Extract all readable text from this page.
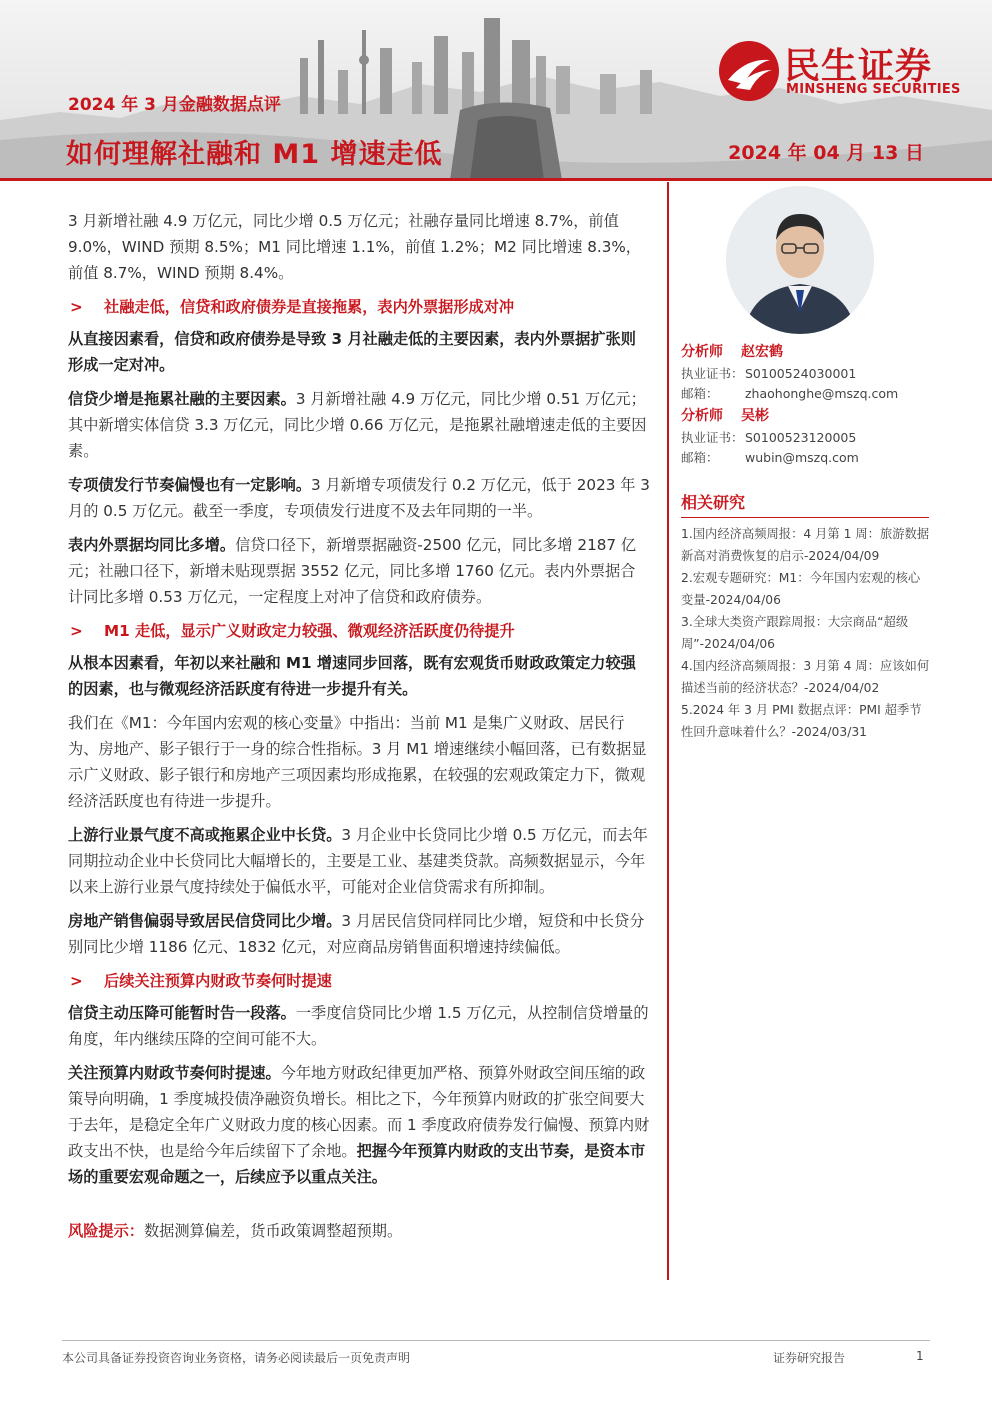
民生证券
MINSHENG SECURITIES
2024 年 3 月金融数据点评
如何理解社融和 M1 增速走低	2024 年 04 月 13 日

3 月新增社融 4.9 万亿元，同比少增 0.5 万亿元；社融存量同比增速 8.7%，前值 9.0%，WIND 预期 8.5%；M1 同比增速 1.1%，前值 1.2%；M2 同比增速 8.3%，前值 8.7%，WIND 预期 8.4%。

> 社融走低，信贷和政府债券是直接拖累，表内外票据形成对冲

从直接因素看，信贷和政府债券是导致 3 月社融走低的主要因素，表内外票据扩张则形成一定对冲。

信贷少增是拖累社融的主要因素。3 月新增社融 4.9 万亿元，同比少增 0.51 万亿元；其中新增实体信贷 3.3 万亿元，同比少增 0.66 万亿元，是拖累社融增速走低的主要因素。

专项债发行节奏偏慢也有一定影响。3 月新增专项债发行 0.2 万亿元，低于 2023 年 3 月的 0.5 万亿元。截至一季度，专项债发行进度不及去年同期的一半。

表内外票据均同比多增。信贷口径下，新增票据融资-2500 亿元，同比多增 2187 亿元；社融口径下，新增未贴现票据 3552 亿元，同比多增 1760 亿元。表内外票据合计同比多增 0.53 万亿元，一定程度上对冲了信贷和政府债券。

> M1 走低，显示广义财政定力较强、微观经济活跃度仍待提升

从根本因素看，年初以来社融和 M1 增速同步回落，既有宏观货币财政政策定力较强的因素，也与微观经济活跃度有待进一步提升有关。

我们在《M1：今年国内宏观的核心变量》中指出：当前 M1 是集广义财政、居民行为、房地产、影子银行于一身的综合性指标。3 月 M1 增速继续小幅回落，已有数据显示广义财政、影子银行和房地产三项因素均形成拖累，在较强的宏观政策定力下，微观经济活跃度也有待进一步提升。

上游行业景气度不高或拖累企业中长贷。3 月企业中长贷同比少增 0.5 万亿元，而去年同期拉动企业中长贷同比大幅增长的，主要是工业、基建类贷款。高频数据显示，今年以来上游行业景气度持续处于偏低水平，可能对企业信贷需求有所抑制。

房地产销售偏弱导致居民信贷同比少增。3 月居民信贷同样同比少增，短贷和中长贷分别同比少增 1186 亿元、1832 亿元，对应商品房销售面积增速持续偏低。

> 后续关注预算内财政节奏何时提速

信贷主动压降可能暂时告一段落。一季度信贷同比少增 1.5 万亿元，从控制信贷增量的角度，年内继续压降的空间可能不大。

关注预算内财政节奏何时提速。今年地方财政纪律更加严格、预算外财政空间压缩的政策导向明确，1 季度城投债净融资负增长。相比之下，今年预算内财政的扩张空间要大于去年，是稳定全年广义财政力度的核心因素。而 1 季度政府债券发行偏慢、预算内财政支出不快，也是给今年后续留下了余地。把握今年预算内财政的支出节奏，是资本市场的重要宏观命题之一，后续应予以重点关注。

风险提示：数据测算偏差，货币政策调整超预期。

分析师 赵宏鹤
执业证书：S0100524030001
邮箱： zhaohonghe@mszq.com
分析师 吴彬
执业证书：S0100523120005
邮箱： wubin@mszq.com
相关研究
1.国内经济高频周报：4 月第 1 周：旅游数据新高对消费恢复的启示-2024/04/09
2.宏观专题研究：M1：今年国内宏观的核心变量-2024/04/06
3.全球大类资产跟踪周报：大宗商品“超级周”-2024/04/06
4.国内经济高频周报：3 月第 4 周：应该如何描述当前的经济状态？-2024/04/02
5.2024 年 3 月 PMI 数据点评：PMI 超季节性回升意味着什么？-2024/03/31
本公司具备证券投资咨询业务资格，请务必阅读最后一页免责声明	证券研究报告	1
